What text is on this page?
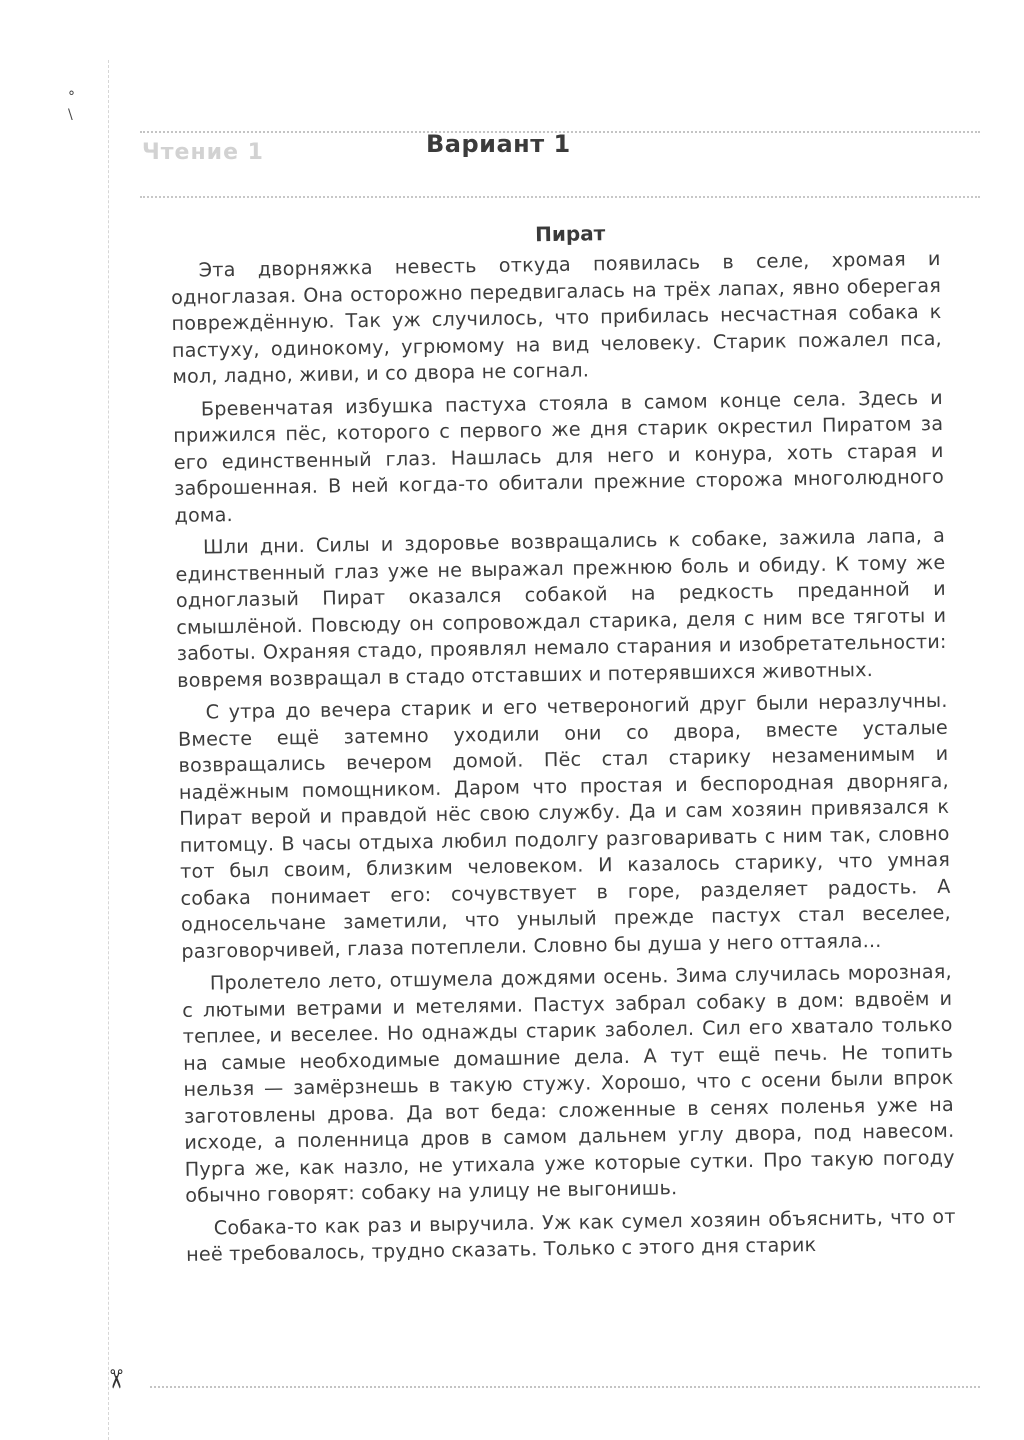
°
\
Чтение 1	Вариант 1
Пират

Эта дворняжка невесть откуда появилась в селе, хромая и одноглазая. Она осторожно передвигалась на трёх лапах, явно оберегая повреждённую. Так уж случилось, что прибилась несчастная собака к пастуху, одинокому, угрюмому на вид человеку. Старик пожалел пса, мол, ладно, живи, и со двора не согнал.

Бревенчатая избушка пастуха стояла в самом конце села. Здесь и прижился пёс, которого с первого же дня старик окрестил Пиратом за его единственный глаз. Нашлась для него и конура, хоть старая и заброшенная. В ней когда-то обитали прежние сторожа многолюдного дома.

Шли дни. Силы и здоровье возвращались к собаке, зажила лапа, а единственный глаз уже не выражал прежнюю боль и обиду. К тому же одноглазый Пират оказался собакой на редкость преданной и смышлёной. Повсюду он сопровождал старика, деля с ним все тяготы и заботы. Охраняя стадо, проявлял немало старания и изобретательности: вовремя возвращал в стадо отставших и потерявшихся животных.

С утра до вечера старик и его четвероногий друг были неразлучны. Вместе ещё затемно уходили они со двора, вместе усталые возвращались вечером домой. Пёс стал старику незаменимым и надёжным помощником. Даром что простая и беспородная дворняга, Пират верой и правдой нёс свою службу. Да и сам хозяин привязался к питомцу. В часы отдыха любил подолгу разговаривать с ним так, словно тот был своим, близким человеком. И казалось старику, что умная собака понимает его: сочувствует в горе, разделяет радость. А односельчане заметили, что унылый прежде пастух стал веселее, разговорчивей, глаза потеплели. Словно бы душа у него оттаяла...

Пролетело лето, отшумела дождями осень. Зима случилась морозная, с лютыми ветрами и метелями. Пастух забрал собаку в дом: вдвоём и теплее, и веселее. Но однажды старик заболел. Сил его хватало только на самые необходимые домашние дела. А тут ещё печь. Не топить нельзя — замёрзнешь в такую стужу. Хорошо, что с осени были впрок заготовлены дрова. Да вот беда: сложенные в сенях поленья уже на исходе, а поленница дров в самом дальнем углу двора, под навесом. Пурга же, как назло, не утихала уже которые сутки. Про такую погоду обычно говорят: собаку на улицу не выгонишь.

Собака-то как раз и выручила. Уж как сумел хозяин объяснить, что от неё требовалось, трудно сказать. Только с этого дня старик

✂
